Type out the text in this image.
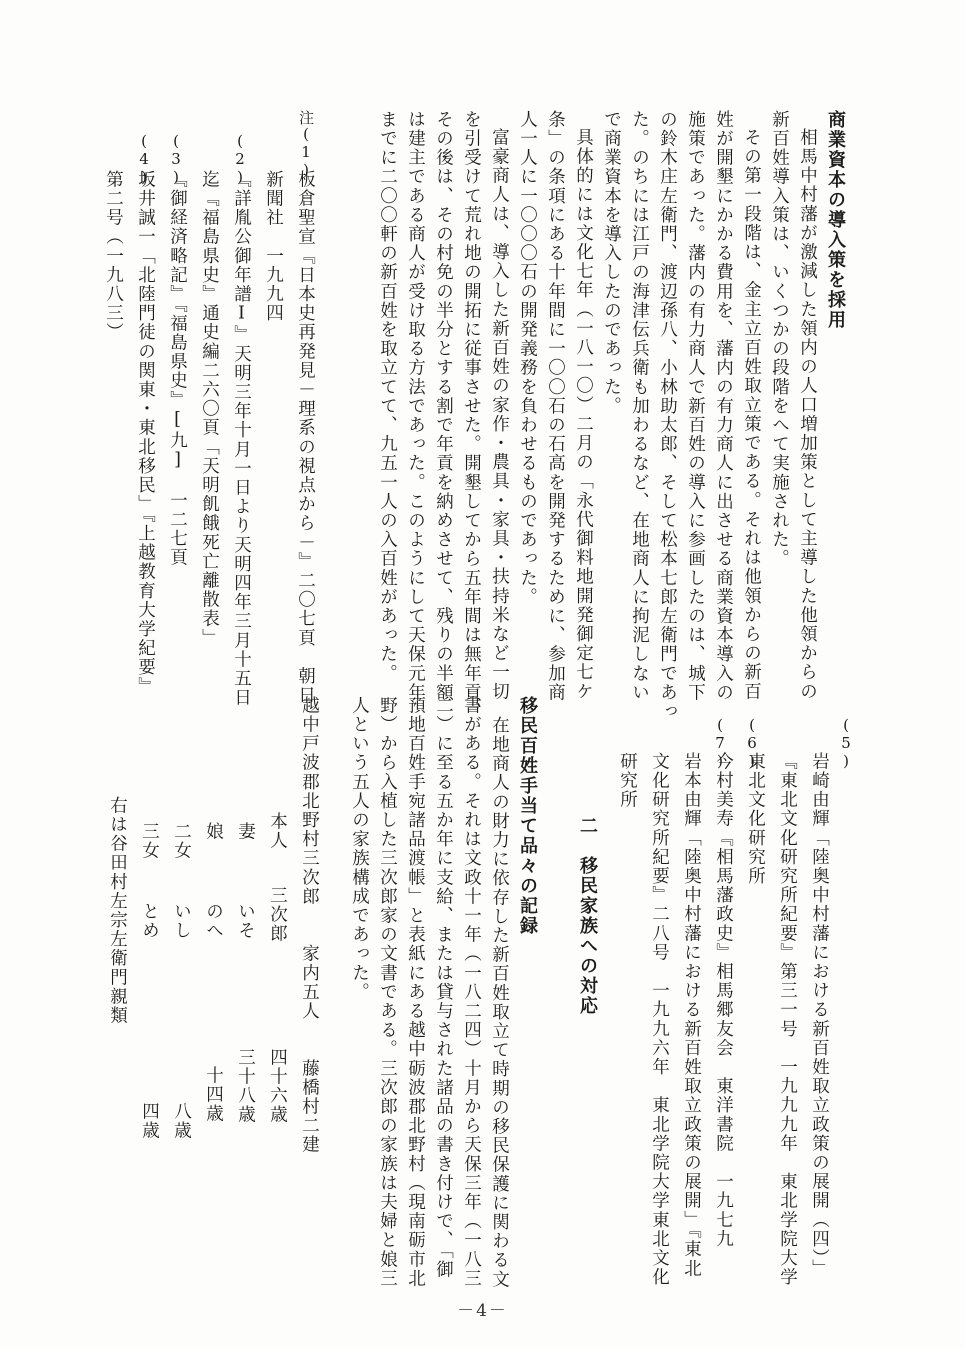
商業資本の導入策を採用
相馬中村藩が激減した領内の人口増加策として主導した他領からの
新百姓導入策は、いくつかの段階をへて実施された。
その第一段階は、金主立百姓取立策である。それは他領からの新百
姓が開墾にかかる費用を、藩内の有力商人に出させる商業資本導入の
施策であった。藩内の有力商人で新百姓の導入に参画したのは、城下
の鈴木庄左衛門、渡辺孫八、小林助太郎、そして松本七郎左衛門であっ
た。のちには江戸の海津伝兵衛も加わるなど、在地商人に拘泥しない
で商業資本を導入したのであった。
具体的には文化七年（一八一〇）二月の「永代御料地開発御定七ケ
条」の条項にある十年間に一〇〇石の石高を開発するために、参加商
人一人に一〇〇〇石の開発義務を負わせるものであった。
富豪商人は、導入した新百姓の家作・農具・家具・扶持米など一切
を引受けて荒れ地の開拓に従事させた。開墾してから五年間は無年貢、
その後は、その村免の半分とする割で年貢を納めさせて、残りの半額
は建主である商人が受け取る方法であった。このようにして天保元年
までに二〇〇軒の新百姓を取立てて、九五一人の入百姓があった。
注(1)
板倉聖宣『日本史再発見－理系の視点から－』二〇七頁　朝日
新聞社　一九九四
(2)
『詳胤公御年譜Ⅰ』天明三年十月一日より天明四年三月十五日
迄『福島県史』通史編二六〇頁「天明飢餓死亡離散表」
(3)
『御経済略記』『福島県史』[九]　一二七頁
(4)
坂井誠一「北陸門徒の関東・東北移民」『上越教育大学紀要』
第二号（一九八三）
(5)
岩崎由輝「陸奥中村藩における新百姓取立政策の展開（四）」
『東北文化研究所紀要』第三一号　一九九九年　東北学院大学
東北文化研究所
(6)
今村美寿『相馬藩政史』相馬郷友会　東洋書院　一九七九
(7)
岩本由輝「陸奥中村藩における新百姓取立政策の展開」『東北
文化研究所紀要』二八号　一九九六年　東北学院大学東北文化
研究所
二　移民家族への対応
移民百姓手当て品々の記録
在地商人の財力に依存した新百姓取立て時期の移民保護に関わる文
書がある。それは文政十一年（一八二四）十月から天保三年（一八三
二）に至る五か年に支給、または貸与された諸品の書き付けで、「御
預地百姓手宛諸品渡帳」と表紙にある越中砺波郡北野村（現南砺市北
野）から入植した三次郎家の文書である。三次郎の家族は夫婦と娘三
人という五人の家族構成であった。
越中戸波郡北野村三次郎　　家内五人　　藤橋村二建
本人
三次郎
四十六歳
妻
いそ
三十八歳
娘
のへ
十四歳
二女
いし
八歳
三女
とめ
四歳
右は谷田村左宗左衛門親類
－4－
